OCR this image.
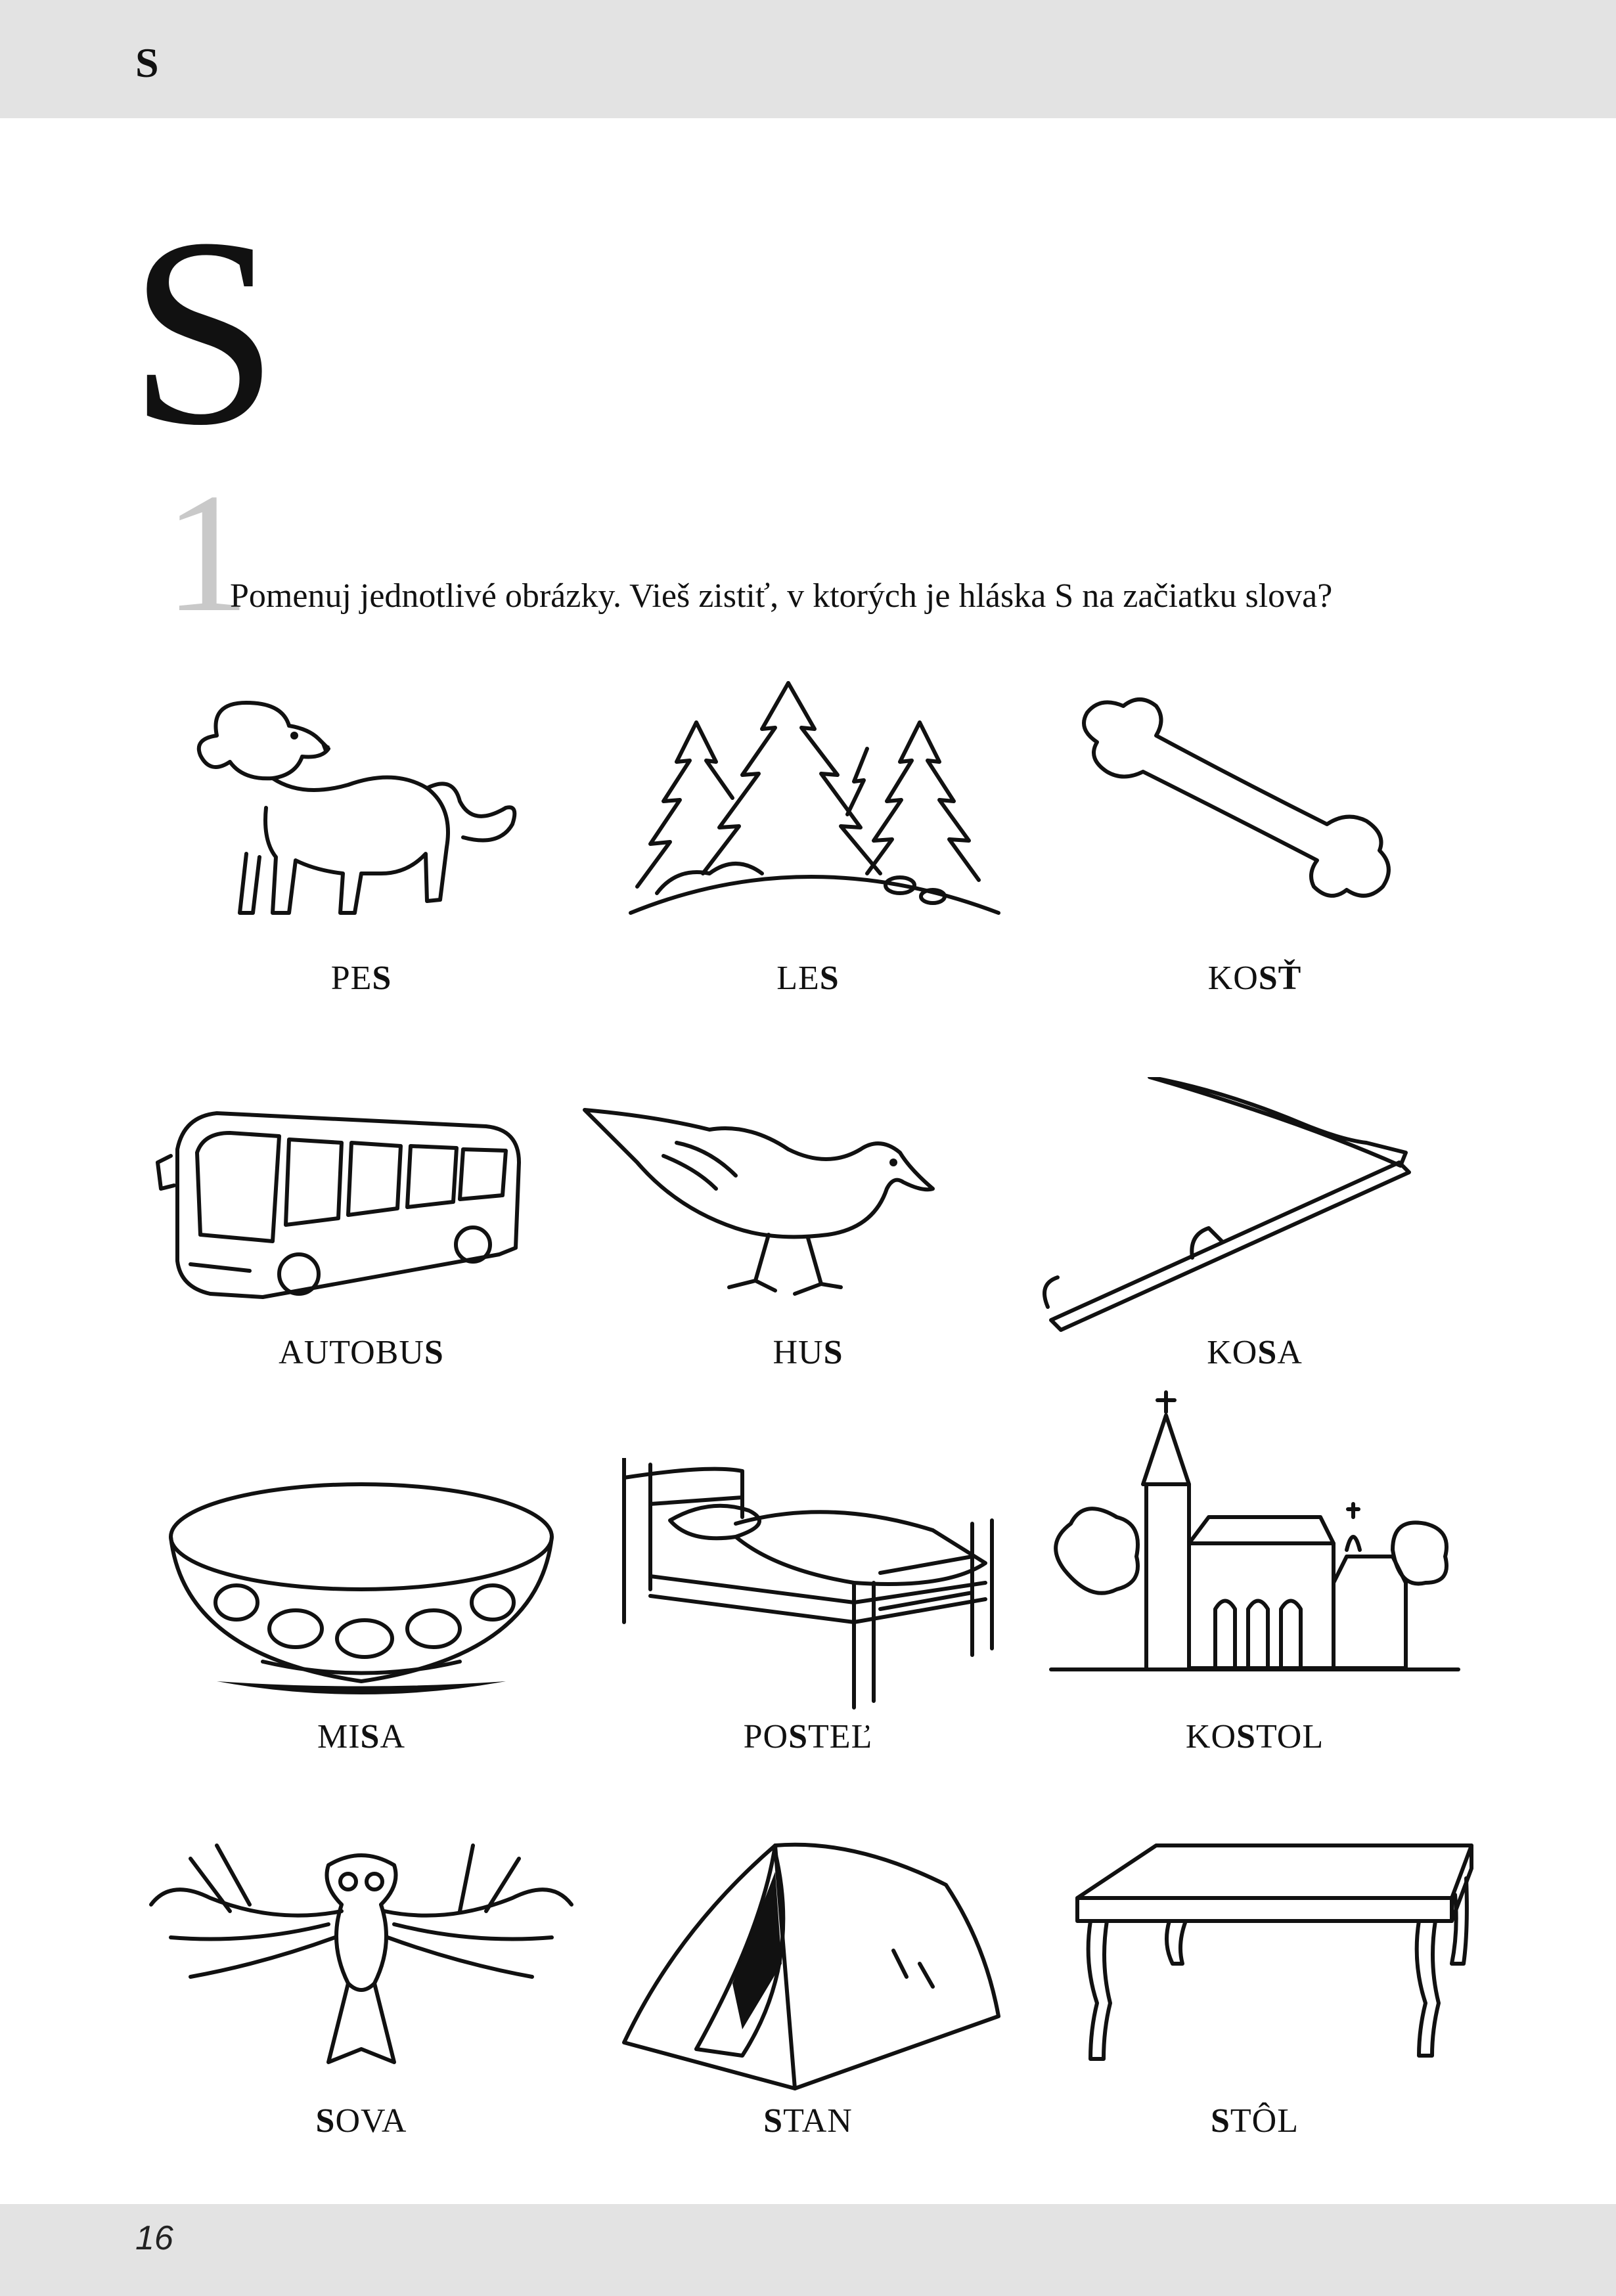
S
S
1
Pomenuj jednotlivé obrázky. Vieš zistiť, v ktorých je hláska S na začiatku slova?
PES	LES	KOSŤ
AUTOBUS	HUS	KOSA
MISA	POSTEĽ	KOSTOL
SOVA	STAN	STÔL
16
